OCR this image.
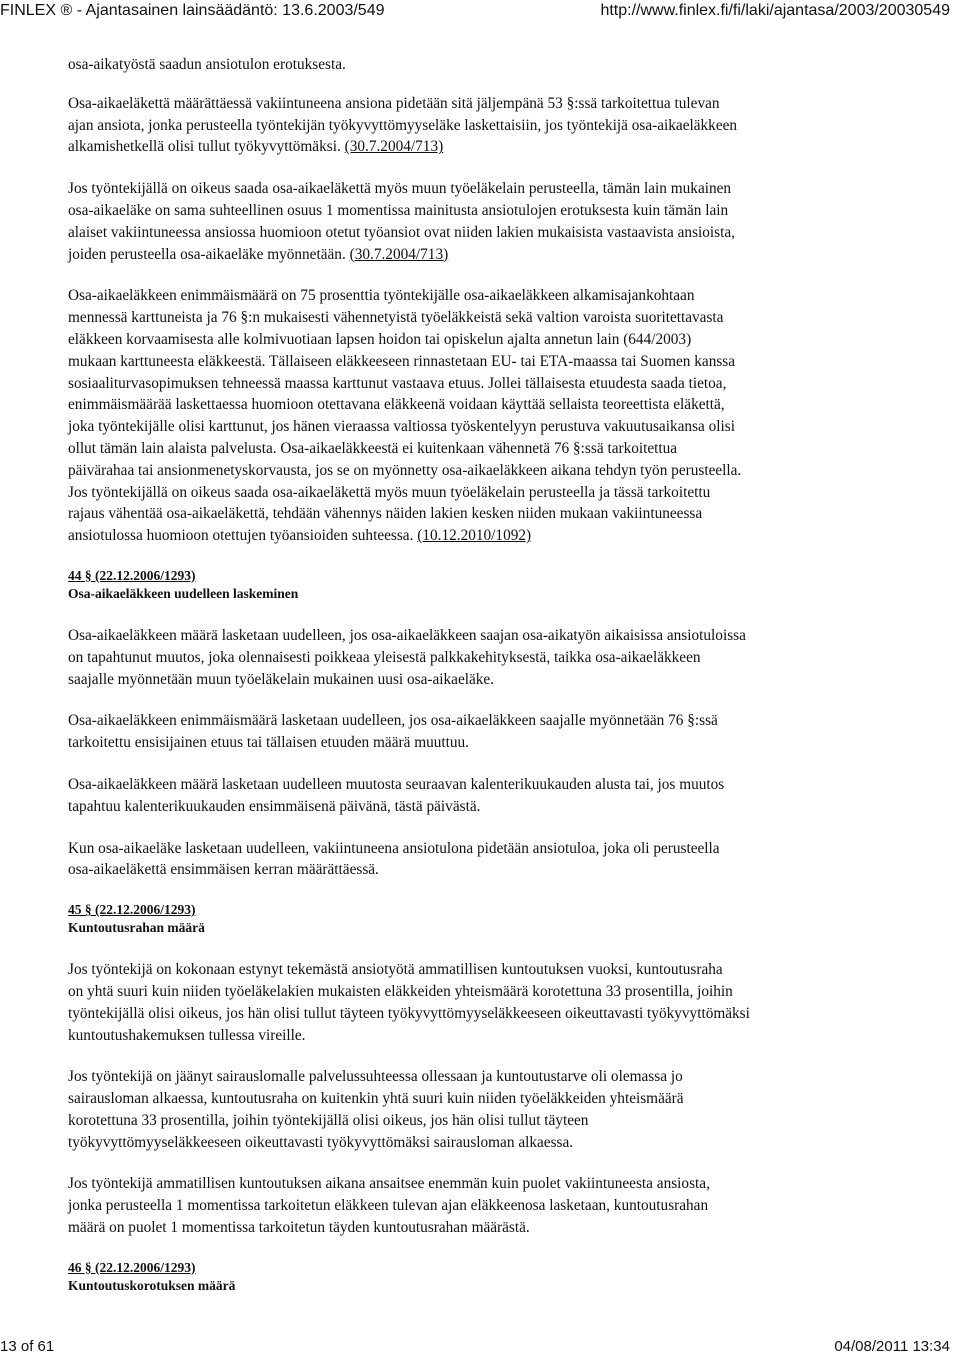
FINLEX ® - Ajantasainen lainsäädäntö: 13.6.2003/549	http://www.finlex.fi/fi/laki/ajantasa/2003/20030549
osa-aikatyöstä saadun ansiotulon erotuksesta.
Osa-aikaeläkettä määrättäessä vakiintuneena ansiona pidetään sitä jäljempänä 53 §:ssä tarkoitettua tulevan
ajan ansiota, jonka perusteella työntekijän työkyvyttömyyseläke laskettaisiin, jos työntekijä osa-aikaeläkkeen
alkamishetkellä olisi tullut työkyvyttömäksi. (30.7.2004/713)
Jos työntekijällä on oikeus saada osa-aikaeläkettä myös muun työeläkelain perusteella, tämän lain mukainen
osa-aikaeläke on sama suhteellinen osuus 1 momentissa mainitusta ansiotulojen erotuksesta kuin tämän lain
alaiset vakiintuneessa ansiossa huomioon otetut työansiot ovat niiden lakien mukaisista vastaavista ansioista,
joiden perusteella osa-aikaeläke myönnetään. (30.7.2004/713)
Osa-aikaeläkkeen enimmäismäärä on 75 prosenttia työntekijälle osa-aikaeläkkeen alkamisajankohtaan
mennessä karttuneista ja 76 §:n mukaisesti vähennetyistä työeläkkeistä sekä valtion varoista suoritettavasta
eläkkeen korvaamisesta alle kolmivuotiaan lapsen hoidon tai opiskelun ajalta annetun lain (644/2003)
mukaan karttuneesta eläkkeestä. Tällaiseen eläkkeeseen rinnastetaan EU- tai ETA-maassa tai Suomen kanssa
sosiaaliturvasopimuksen tehneessä maassa karttunut vastaava etuus. Jollei tällaisesta etuudesta saada tietoa,
enimmäismäärää laskettaessa huomioon otettavana eläkkeenä voidaan käyttää sellaista teoreettista eläkettä,
joka työntekijälle olisi karttunut, jos hänen vieraassa valtiossa työskentelyyn perustuva vakuutusaikansa olisi
ollut tämän lain alaista palvelusta. Osa-aikaeläkkeestä ei kuitenkaan vähennetä 76 §:ssä tarkoitettua
päivärahaa tai ansionmenetyskorvausta, jos se on myönnetty osa-aikaeläkkeen aikana tehdyn työn perusteella.
Jos työntekijällä on oikeus saada osa-aikaeläkettä myös muun työeläkelain perusteella ja tässä tarkoitettu
rajaus vähentää osa-aikaeläkettä, tehdään vähennys näiden lakien kesken niiden mukaan vakiintuneessa
ansiotulossa huomioon otettujen työansioiden suhteessa. (10.12.2010/1092)
44 § (22.12.2006/1293)
Osa-aikaeläkkeen uudelleen laskeminen
Osa-aikaeläkkeen määrä lasketaan uudelleen, jos osa-aikaeläkkeen saajan osa-aikatyön aikaisissa ansiotuloissa
on tapahtunut muutos, joka olennaisesti poikkeaa yleisestä palkkakehityksestä, taikka osa-aikaeläkkeen
saajalle myönnetään muun työeläkelain mukainen uusi osa-aikaeläke.
Osa-aikaeläkkeen enimmäismäärä lasketaan uudelleen, jos osa-aikaeläkkeen saajalle myönnetään 76 §:ssä
tarkoitettu ensisijainen etuus tai tällaisen etuuden määrä muuttuu.
Osa-aikaeläkkeen määrä lasketaan uudelleen muutosta seuraavan kalenterikuukauden alusta tai, jos muutos
tapahtuu kalenterikuukauden ensimmäisenä päivänä, tästä päivästä.
Kun osa-aikaeläke lasketaan uudelleen, vakiintuneena ansiotulona pidetään ansiotuloa, joka oli perusteella
osa-aikaeläkettä ensimmäisen kerran määrättäessä.
45 § (22.12.2006/1293)
Kuntoutusrahan määrä
Jos työntekijä on kokonaan estynyt tekemästä ansiotyötä ammatillisen kuntoutuksen vuoksi, kuntoutusraha
on yhtä suuri kuin niiden työeläkelakien mukaisten eläkkeiden yhteismäärä korotettuna 33 prosentilla, joihin
työntekijällä olisi oikeus, jos hän olisi tullut täyteen työkyvyttömyyseläkkeeseen oikeuttavasti työkyvyttömäksi
kuntoutushakemuksen tullessa vireille.
Jos työntekijä on jäänyt sairauslomalle palvelussuhteessa ollessaan ja kuntoutustarve oli olemassa jo
sairausloman alkaessa, kuntoutusraha on kuitenkin yhtä suuri kuin niiden työeläkkeiden yhteismäärä
korotettuna 33 prosentilla, joihin työntekijällä olisi oikeus, jos hän olisi tullut täyteen
työkyvyttömyyseläkkeeseen oikeuttavasti työkyvyttömäksi sairausloman alkaessa.
Jos työntekijä ammatillisen kuntoutuksen aikana ansaitsee enemmän kuin puolet vakiintuneesta ansiosta,
jonka perusteella 1 momentissa tarkoitetun eläkkeen tulevan ajan eläkkeenosa lasketaan, kuntoutusrahan
määrä on puolet 1 momentissa tarkoitetun täyden kuntoutusrahan määrästä.
46 § (22.12.2006/1293)
Kuntoutuskorotuksen määrä
13 of 61	04/08/2011 13:34
